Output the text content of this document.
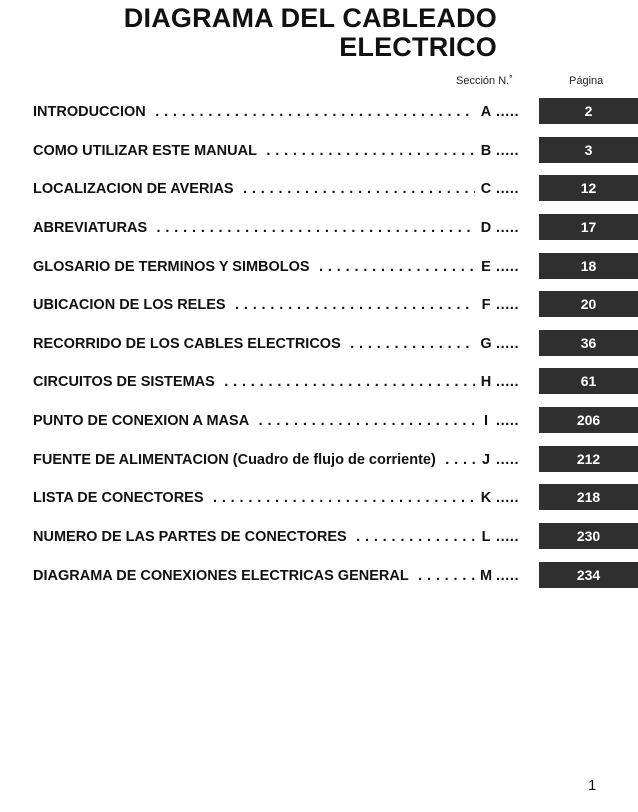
DIAGRAMA DEL CABLEADO
ELECTRICO
Sección N.˚	Página
INTRODUCCION . . .	A .....	2
COMO UTILIZAR ESTE MANUAL . . .	B .....	3
LOCALIZACION DE AVERIAS . . .	C .....	12
ABREVIATURAS . . .	D .....	17
GLOSARIO DE TERMINOS Y SIMBOLOS . . .	E .....	18
UBICACION DE LOS RELES . . .	F .....	20
RECORRIDO DE LOS CABLES ELECTRICOS . . .	G .....	36
CIRCUITOS DE SISTEMAS . . .	H .....	61
PUNTO DE CONEXION A MASA . . .	I .....	206
FUENTE DE ALIMENTACION (Cuadro de flujo de corriente) . . .	J .....	212
LISTA DE CONECTORES . . .	K .....	218
NUMERO DE LAS PARTES DE CONECTORES . . .	L .....	230
DIAGRAMA DE CONEXIONES ELECTRICAS GENERAL . . .	M .....	234
1
